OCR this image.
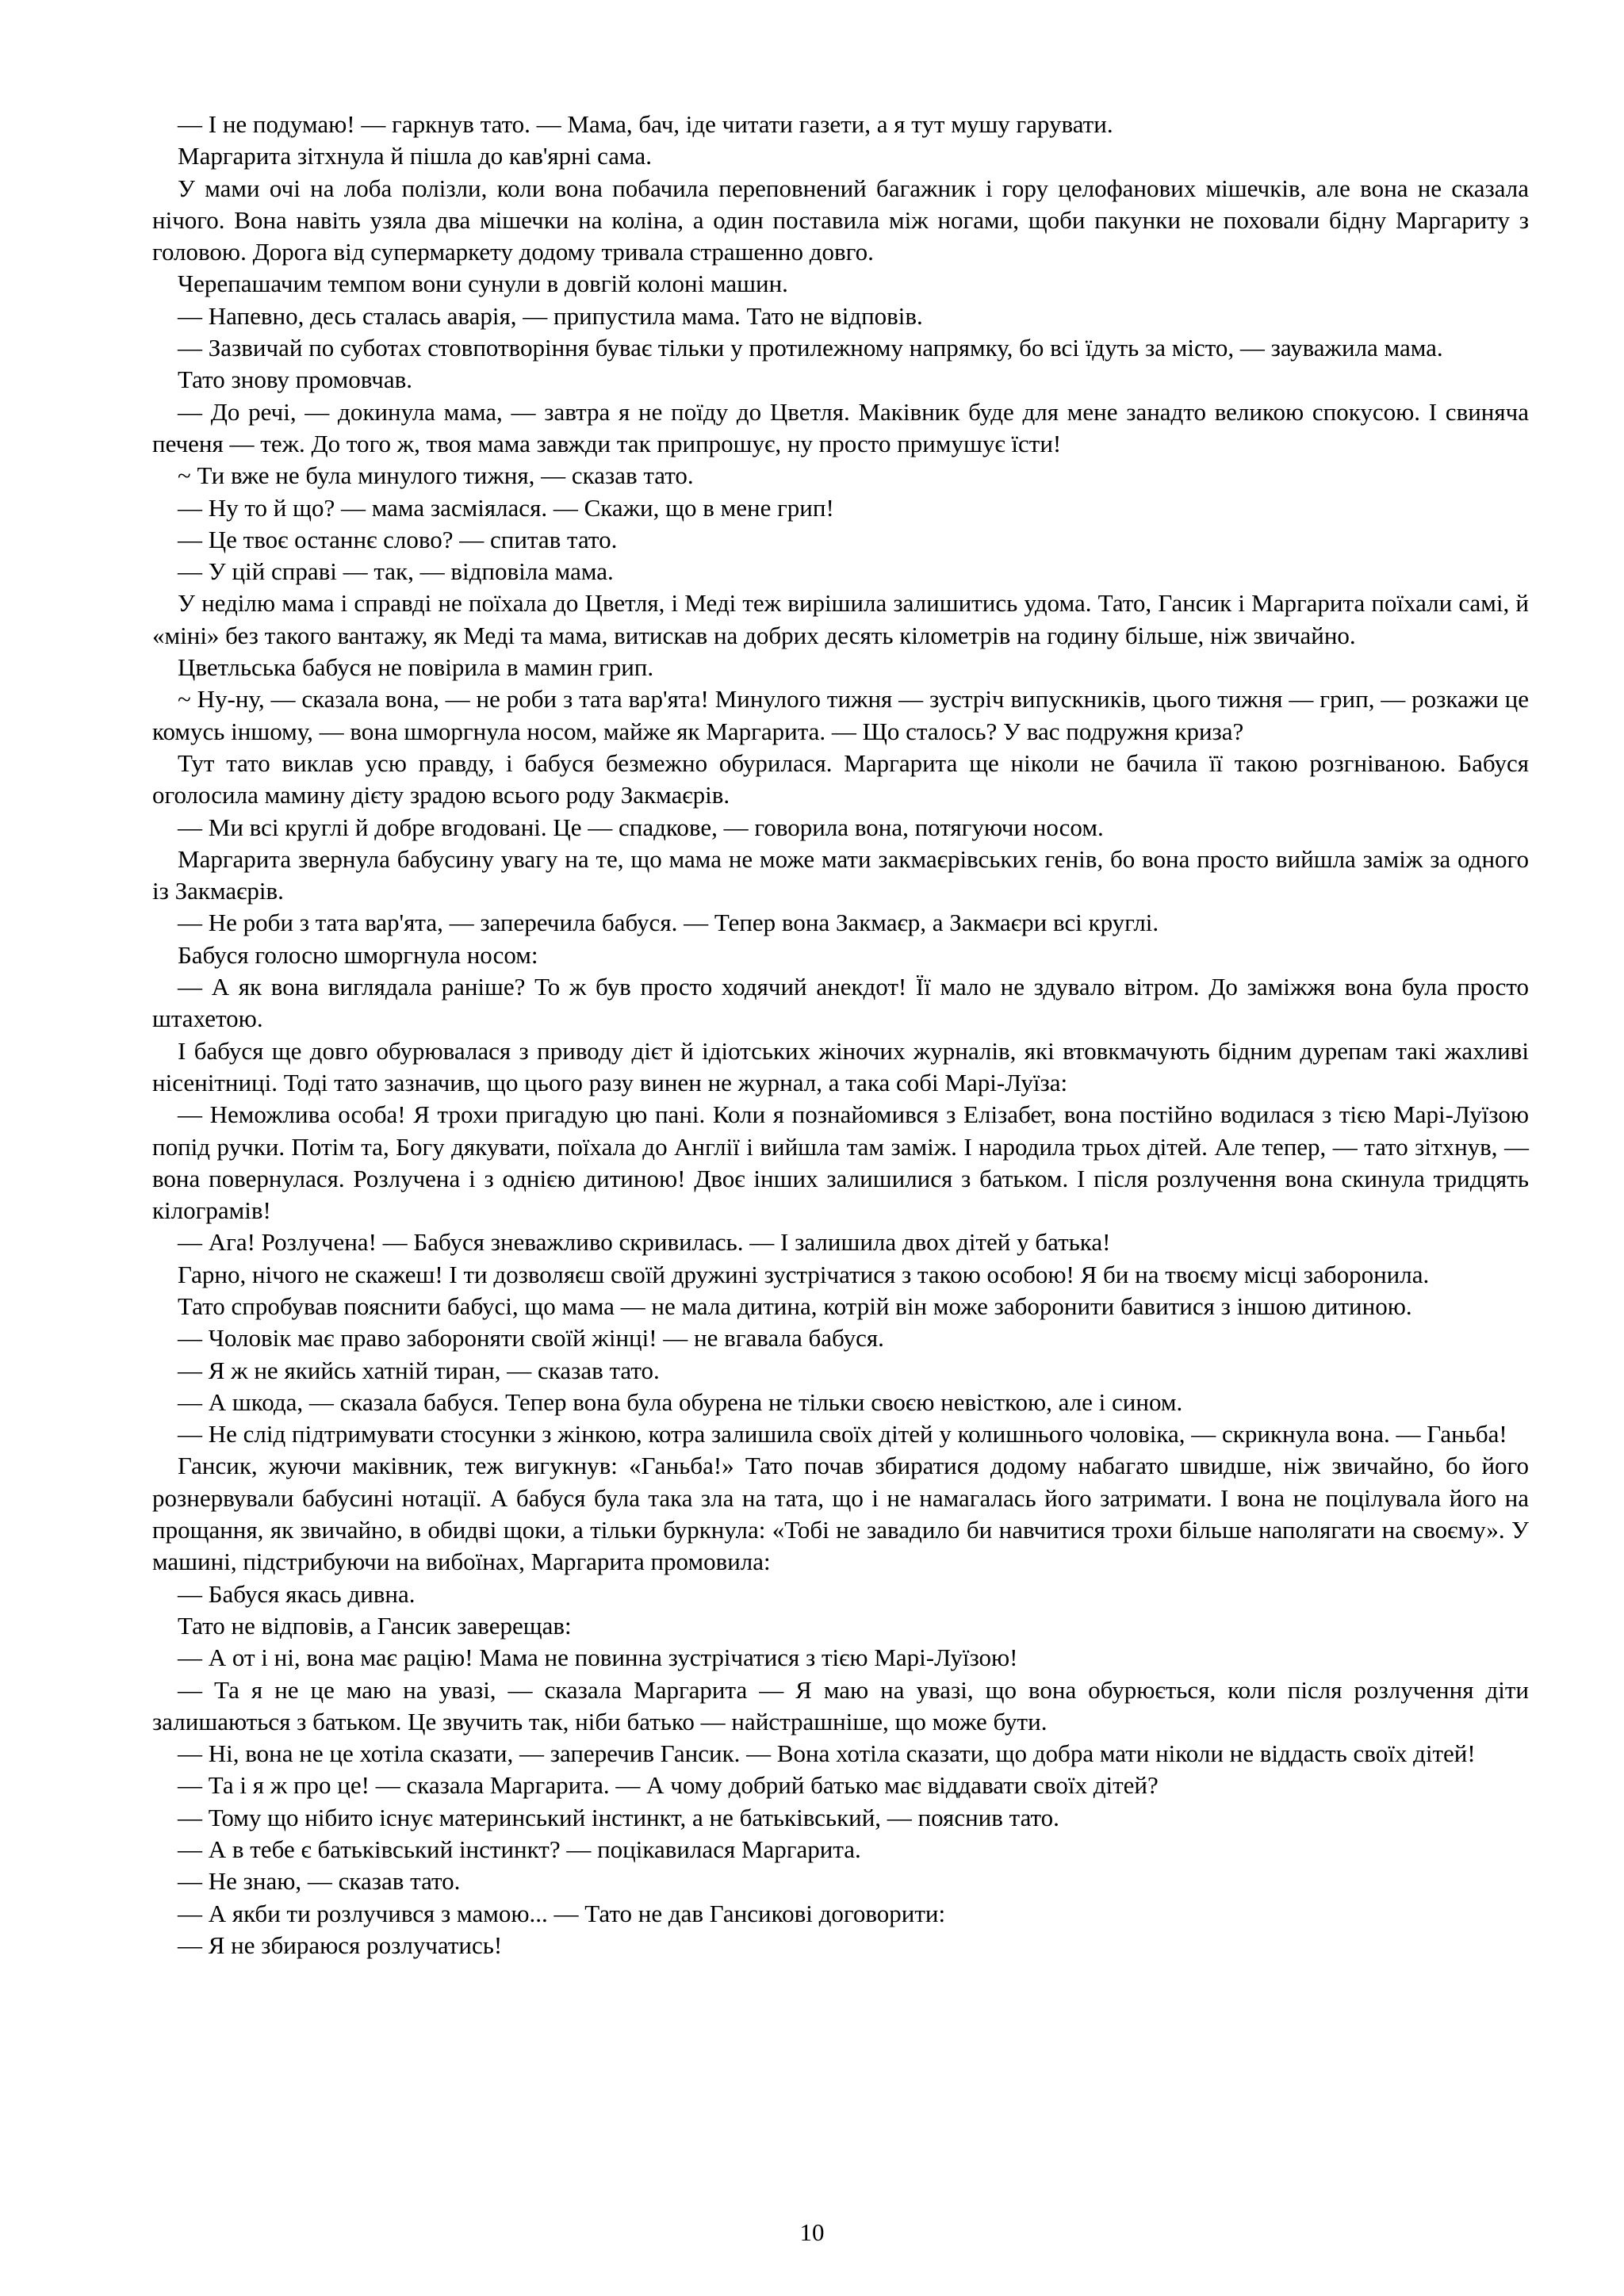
— І не подумаю! — гаркнув тато. — Мама, бач, іде читати газети, а я тут мушу гарувати.

Маргарита зітхнула й пішла до кав'ярні сама.

У мами очі на лоба полізли, коли вона побачила переповнений багажник і гору целофанових мішечків, але вона не сказала нічого. Вона навіть узяла два мішечки на коліна, а один поставила між ногами, щоби пакунки не поховали бідну Маргариту з головою. Дорога від супермаркету додому тривала страшенно довго.

Черепашачим темпом вони сунули в довгій колоні машин.

— Напевно, десь сталась аварія, — припустила мама. Тато не відповів.

— Зазвичай по суботах стовпотворіння буває тільки у протилежному напрямку, бо всі їдуть за місто, — зауважила мама.

Тато знову промовчав.

— До речі, — докинула мама, — завтра я не поїду до Цветля. Маківник буде для мене занадто великою спокусою. І свиняча печеня — теж. До того ж, твоя мама завжди так припрошує, ну просто примушує їсти!

~ Ти вже не була минулого тижня, — сказав тато.

— Ну то й що? — мама засміялася. — Скажи, що в мене грип!

— Це твоє останнє слово? — спитав тато.

— У цій справі — так, — відповіла мама.

У неділю мама і справді не поїхала до Цветля, і Меді теж вирішила залишитись удома. Тато, Гансик і Маргарита поїхали самі, й «міні» без такого вантажу, як Меді та мама, витискав на добрих десять кілометрів на годину більше, ніж звичайно.

Цветльська бабуся не повірила в мамин грип.

~ Ну-ну, — сказала вона, — не роби з тата вар'ята! Минулого тижня — зустріч випускників, цього тижня — грип, — розкажи це комусь іншому, — вона шморгнула носом, майже як Маргарита. — Що сталось? У вас подружня криза?

Тут тато виклав усю правду, і бабуся безмежно обурилася. Маргарита ще ніколи не бачила її такою розгніваною. Бабуся оголосила мамину дієту зрадою всього роду Закмаєрів.

— Ми всі круглі й добре вгодовані. Це — спадкове, — говорила вона, потягуючи носом.

Маргарита звернула бабусину увагу на те, що мама не може мати закмаєрівських генів, бо вона просто вийшла заміж за одного із Закмаєрів.

— Не роби з тата вар'ята, — заперечила бабуся. — Тепер вона Закмаєр, а Закмаєри всі круглі.

Бабуся голосно шморгнула носом:

— А як вона виглядала раніше? То ж був просто ходячий анекдот! Її мало не здувало вітром. До заміжжя вона була просто штахетою.

І бабуся ще довго обурювалася з приводу дієт й ідіотських жіночих журналів, які втовкмачують бідним дурепам такі жахливі нісенітниці. Тоді тато зазначив, що цього разу винен не журнал, а така собі Марі-Луїза:

— Неможлива особа! Я трохи пригадую цю пані. Коли я познайомився з Елізабет, вона постійно водилася з тією Марі-Луїзою попід ручки. Потім та, Богу дякувати, поїхала до Англії і вийшла там заміж. І народила трьох дітей. Але тепер, — тато зітхнув, — вона повернулася. Розлучена і з однією дитиною! Двоє інших залишилися з батьком. І після розлучення вона скинула тридцять кілограмів!

— Ага! Розлучена! — Бабуся зневажливо скривилась. — І залишила двох дітей у батька!

Гарно, нічого не скажеш! І ти дозволяєш своїй дружині зустрічатися з такою особою! Я би на твоєму місці заборонила.

Тато спробував пояснити бабусі, що мама — не мала дитина, котрій він може заборонити бавитися з іншою дитиною.

— Чоловік має право забороняти своїй жінці! — не вгавала бабуся.

— Я ж не якийсь хатній тиран, — сказав тато.

— А шкода, — сказала бабуся. Тепер вона була обурена не тільки своєю невісткою, але і сином.

— Не слід підтримувати стосунки з жінкою, котра залишила своїх дітей у колишнього чоловіка, — скрикнула вона. — Ганьба!

Гансик, жуючи маківник, теж вигукнув: «Ганьба!» Тато почав збиратися додому набагато швидше, ніж звичайно, бо його рознервували бабусині нотації. А бабуся була така зла на тата, що і не намагалась його затримати. І вона не поцілувала його на прощання, як звичайно, в обидві щоки, а тільки буркнула: «Тобі не завадило би навчитися трохи більше наполягати на своєму». У машині, підстрибуючи на вибоїнах, Маргарита промовила:

— Бабуся якась дивна.

Тато не відповів, а Гансик заверещав:

— А от і ні, вона має рацію! Мама не повинна зустрічатися з тією Марі-Луїзою!

— Та я не це маю на увазі, — сказала Маргарита — Я маю на увазі, що вона обурюється, коли після розлучення діти залишаються з батьком. Це звучить так, ніби батько — найстрашніше, що може бути.

— Ні, вона не це хотіла сказати, — заперечив Гансик. — Вона хотіла сказати, що добра мати ніколи не віддасть своїх дітей!

— Та і я ж про це! — сказала Маргарита. — А чому добрий батько має віддавати своїх дітей?

— Тому що нібито існує материнський інстинкт, а не батьківський, — пояснив тато.

— А в тебе є батьківський інстинкт? — поцікавилася Маргарита.

— Не знаю, — сказав тато.

— А якби ти розлучився з мамою... — Тато не дав Гансикові договорити:

— Я не збираюся розлучатись!

10
